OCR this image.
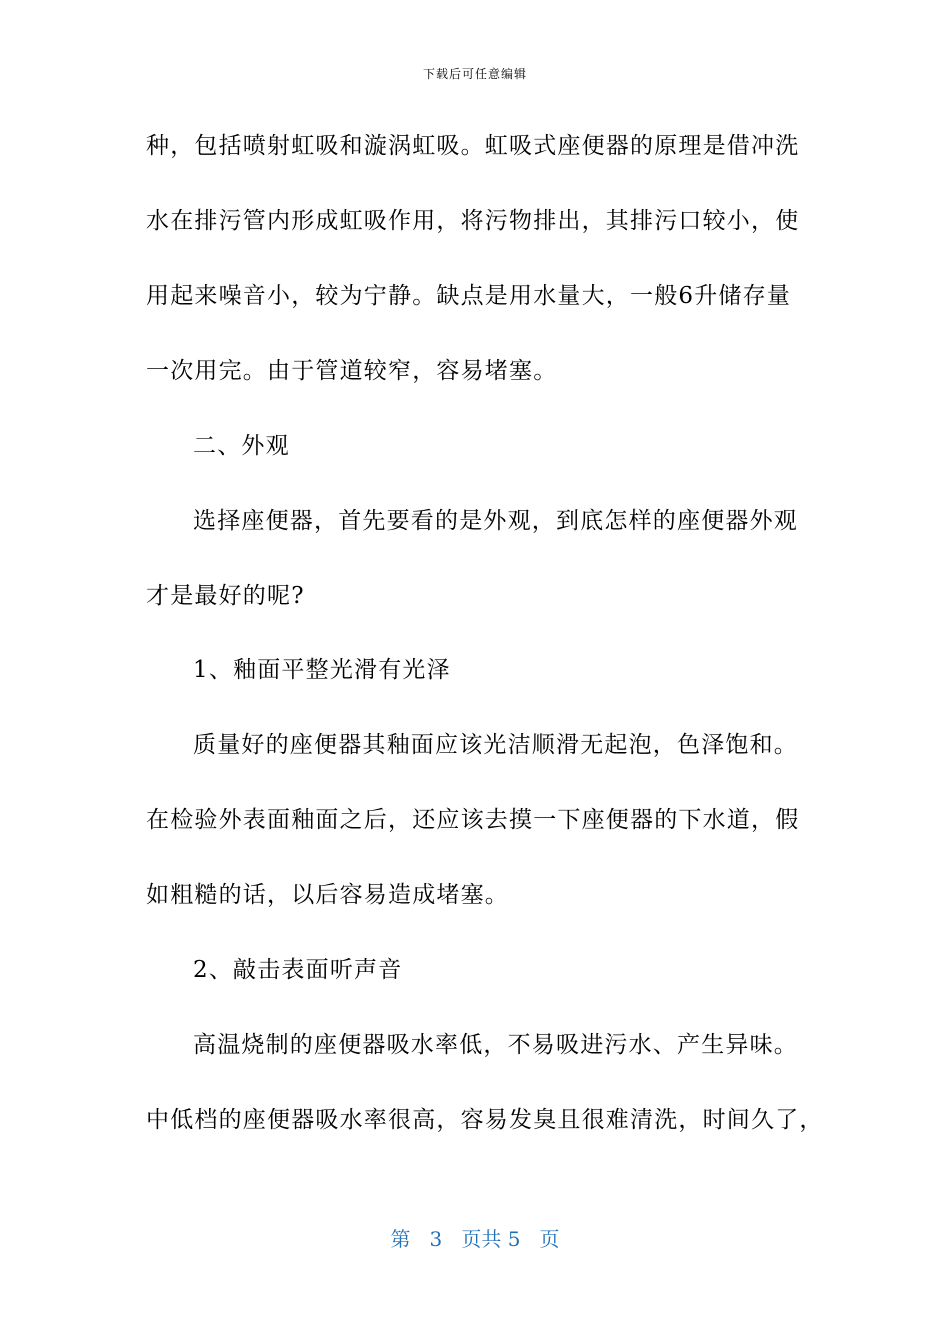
下载后可任意编辑
种，包括喷射虹吸和漩涡虹吸。虹吸式座便器的原理是借冲洗
水在排污管内形成虹吸作用，将污物排出，其排污口较小，使
用起来噪音小，较为宁静。缺点是用水量大，一般6升储存量
一次用完。由于管道较窄，容易堵塞。
二、外观
选择座便器，首先要看的是外观，到底怎样的座便器外观
才是最好的呢?
1、釉面平整光滑有光泽
质量好的座便器其釉面应该光洁顺滑无起泡，色泽饱和。
在检验外表面釉面之后，还应该去摸一下座便器的下水道，假
如粗糙的话，以后容易造成堵塞。
2、敲击表面听声音
高温烧制的座便器吸水率低，不易吸进污水、产生异味。
中低档的座便器吸水率很高，容易发臭且很难清洗，时间久了，
第 3 页共 5 页
